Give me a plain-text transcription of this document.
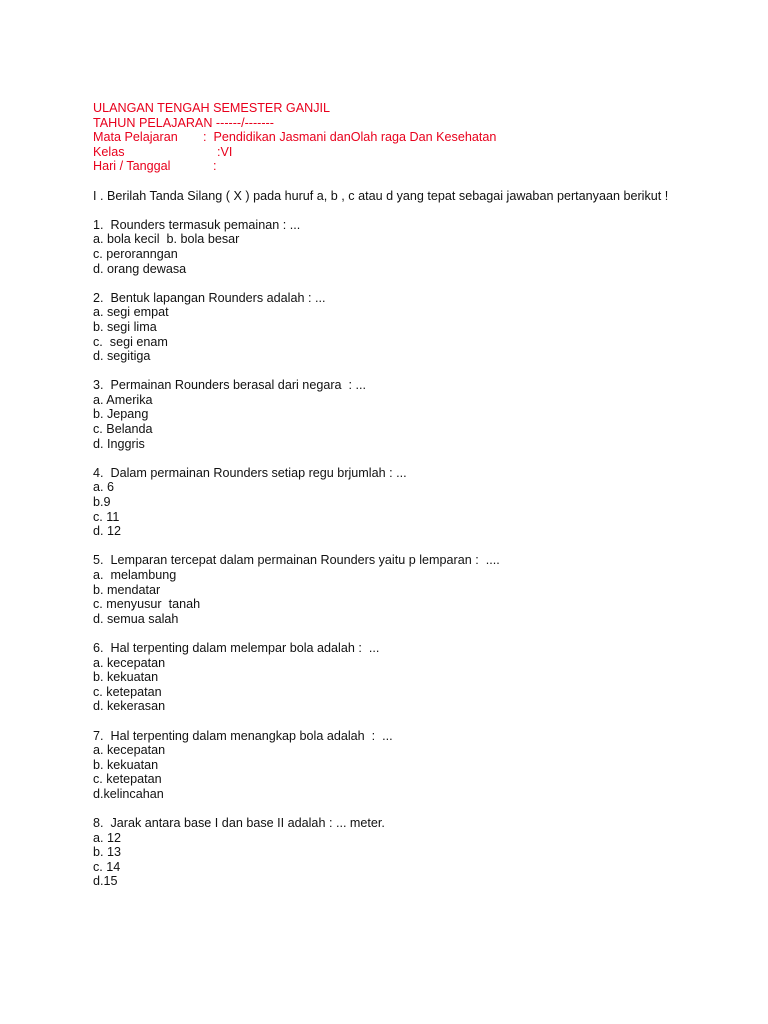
ULANGAN TENGAH SEMESTER GANJIL
TAHUN PELAJARAN ------/-------
Mata Pelajaran :  Pendidikan Jasmani danOlah raga Dan Kesehatan
Kelas	:VI
Hari / Tanggal	:
I . Berilah Tanda Silang ( X ) pada huruf a, b , c atau d yang tepat sebagai jawaban pertanyaan berikut !
1.  Rounders termasuk pemainan : ...
a. bola kecil  b. bola besar
c. peroranngan
d. orang dewasa
2.  Bentuk lapangan Rounders adalah : ...
a. segi empat
b. segi lima
c.  segi enam
d. segitiga
3.  Permainan Rounders berasal dari negara  : ...
a. Amerika
b. Jepang
c. Belanda
d. Inggris
4.  Dalam permainan Rounders setiap regu brjumlah : ...
a. 6
b.9
c. 11
d. 12
5.  Lemparan tercepat dalam permainan Rounders yaitu p lemparan :  ....
a.  melambung
b. mendatar
c. menyusur  tanah
d. semua salah
6.  Hal terpenting dalam melempar bola adalah :  ...
a. kecepatan
b. kekuatan
c. ketepatan
d. kekerasan
7.  Hal terpenting dalam menangkap bola adalah  :  ...
a. kecepatan
b. kekuatan
c. ketepatan
d.kelincahan
8.  Jarak antara base I dan base II adalah : ... meter.
a. 12
b. 13
c. 14
d.15
